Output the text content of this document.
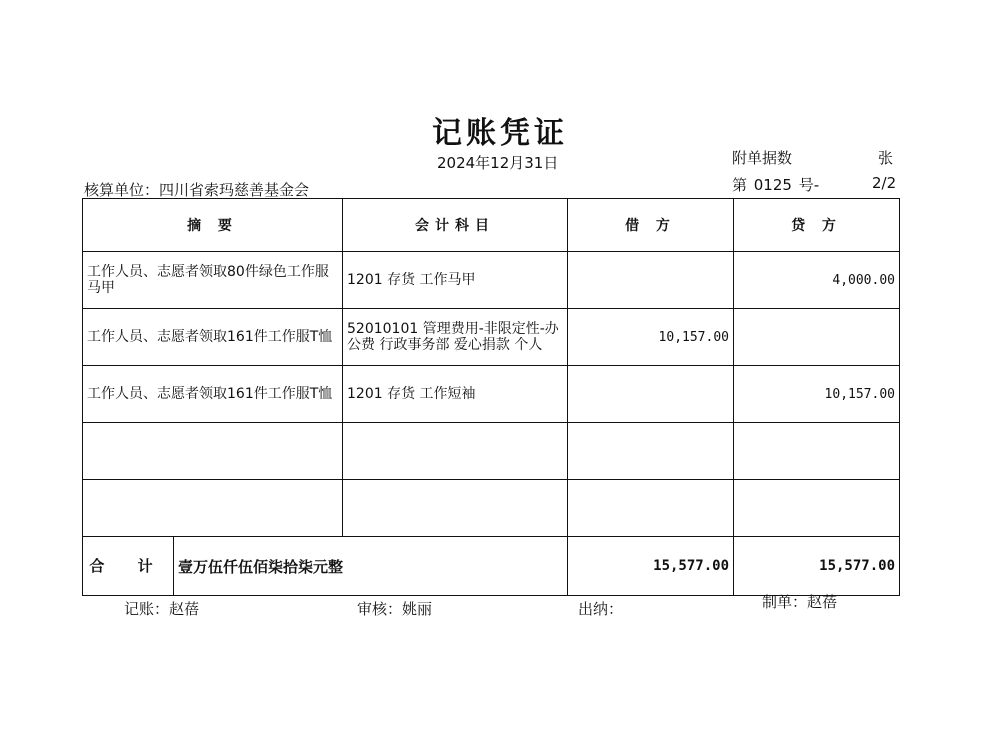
记账凭证
2024年12月31日	附单据数	张
核算单位：四川省索玛慈善基金会	第 0125 号-	2/2
摘 要	会计科目	借 方	贷 方
工作人员、志愿者领取80件绿色工作服马甲	1201 存货 工作马甲		4,000.00
工作人员、志愿者领取161件工作服T恤	52010101 管理费用-非限定性-办公费 行政事务部 爱心捐款 个人	10,157.00	
工作人员、志愿者领取161件工作服T恤	1201 存货 工作短袖		10,157.00

合 计 壹万伍仟伍佰柒拾柒元整		15,577.00	15,577.00
记账：赵蓓	审核：姚丽	出纳：	制单：赵蓓
